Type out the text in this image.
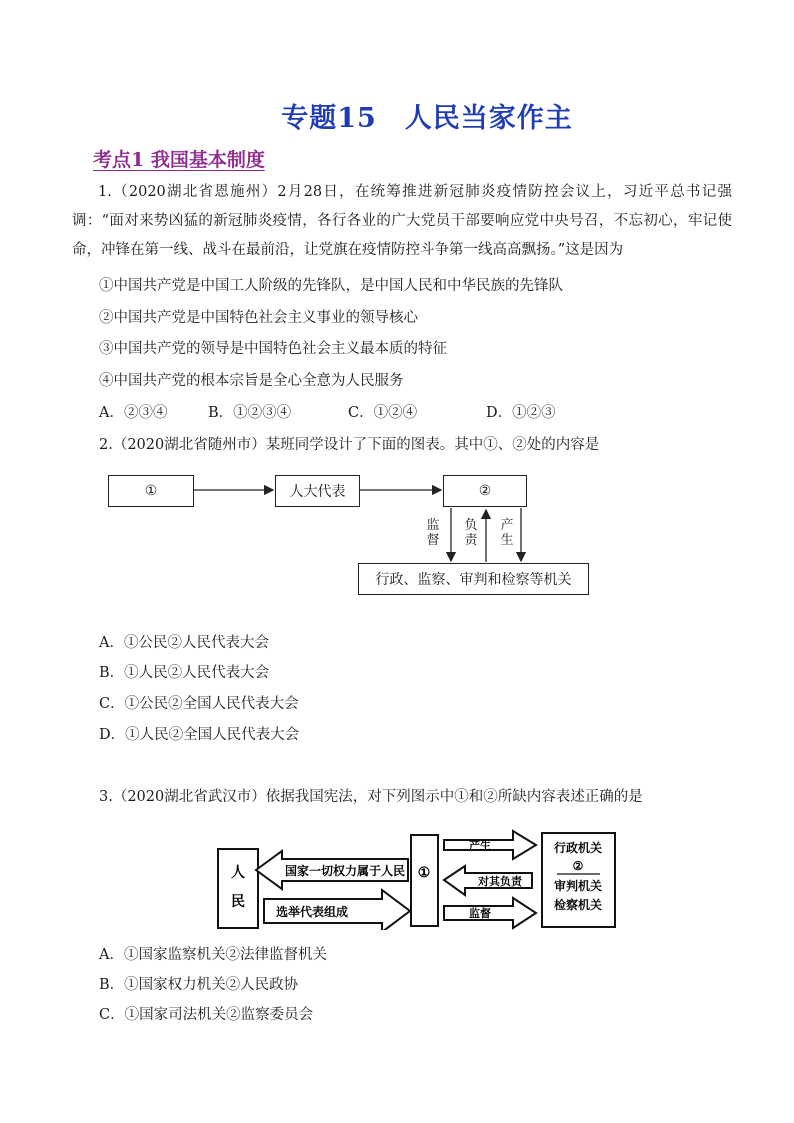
专题15　人民当家作主
考点1 我国基本制度
1.（2020湖北省恩施州）2月28日，在统筹推进新冠肺炎疫情防控会议上，习近平总书记强调：“面对来势凶猛的新冠肺炎疫情，各行各业的广大党员干部要响应党中央号召，不忘初心，牢记使命，冲锋在第一线、战斗在最前沿，让党旗在疫情防控斗争第一线高高飘扬。”这是因为
①中国共产党是中国工人阶级的先锋队，是中国人民和中华民族的先锋队
②中国共产党是中国特色社会主义事业的领导核心
③中国共产党的领导是中国特色社会主义最本质的特征
④中国共产党的根本宗旨是全心全意为人民服务
A．②③④	B．①②③④	C．①②④	D．①②③
2.（2020湖北省随州市）某班同学设计了下面的图表。其中①、②处的内容是
①	人大代表	②
行政、监察、审判和检察等机关
监
督
负
责
产
生
A．①公民②人民代表大会
B．①人民②人民代表大会
C．①公民②全国人民代表大会
D．①人民②全国人民代表大会
3.（2020湖北省武汉市）依据我国宪法，对下列图示中①和②所缺内容表述正确的是
人
民
国家一切权力属于人民
选举代表组成
①
产生
对其负责
监督
行政机关
②
审判机关
检察机关
A．①国家监察机关②法律监督机关
B．①国家权力机关②人民政协
C．①国家司法机关②监察委员会
